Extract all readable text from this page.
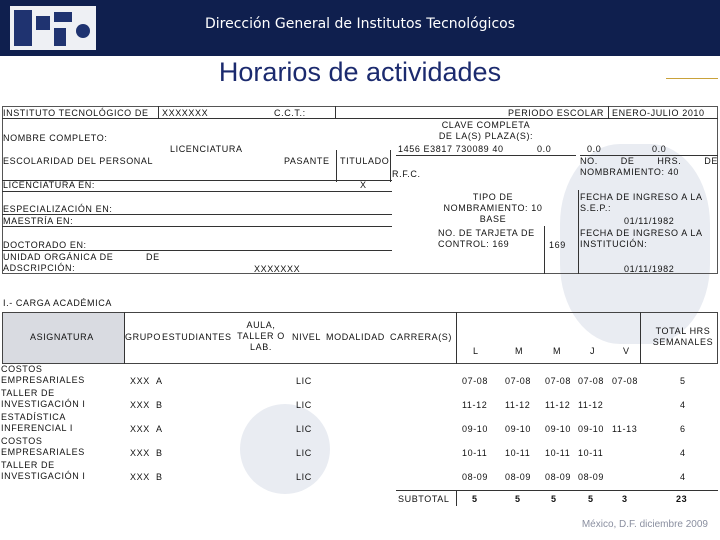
Dirección General de Institutos Tecnológicos
Horarios de actividades
INSTITUTO TECNOLÓGICO DE XXXXXXX	C.C.T.:	PERIODO ESCOLAR ENERO-JULIO 2010
NOMBRE COMPLETO:
CLAVE COMPLETA DE LA(S) PLAZA(S):
1456 E3817 730089 40	0.0	0.0	0.0
LICENCIATURA
ESCOLARIDAD DEL PERSONAL	PASANTE TITULADO	NO. DE HRS. DE NOMBRAMIENTO: 40
R.F.C.
LICENCIATURA EN:	X
TIPO DE NOMBRAMIENTO: 10 BASE
FECHA DE INGRESO A LA S.E.P.:
01/11/1982
ESPECIALIZACIÓN EN:
MAESTRÍA EN:
NO. DE TARJETA DE CONTROL: 169	169
FECHA DE INGRESO A LA INSTITUCIÓN:
DOCTORADO EN:
UNIDAD ORGÁNICA DE ADSCRIPCIÓN:
DE
XXXXXXX	01/11/1982
I.- CARGA ACADÉMICA
ASIGNATURA	GRUPO ESTUDIANTES
AULA, TALLER O LAB.
NIVEL MODALIDAD CARRERA(S)
L	M	M	J	V
TOTAL HRS SEMANALES
COSTOS EMPRESARIALES	XXX A	LIC	07-08 07-08 07-08 07-08 07-08	5
TALLER DE INVESTIGACIÓN I	XXX B	LIC	11-12 11-12 11-12 11-12	4
ESTADÍSTICA INFERENCIAL I	XXX A	LIC	09-10 09-10 09-10 09-10 11-13	6
COSTOS EMPRESARIALES	XXX B	LIC	10-11 10-11 10-11 10-11	4
TALLER DE INVESTIGACIÓN I	XXX B	LIC	08-09 08-09 08-09 08-09	4
SUBTOTAL	5	5	5	5	3	23
México, D.F. diciembre 2009
